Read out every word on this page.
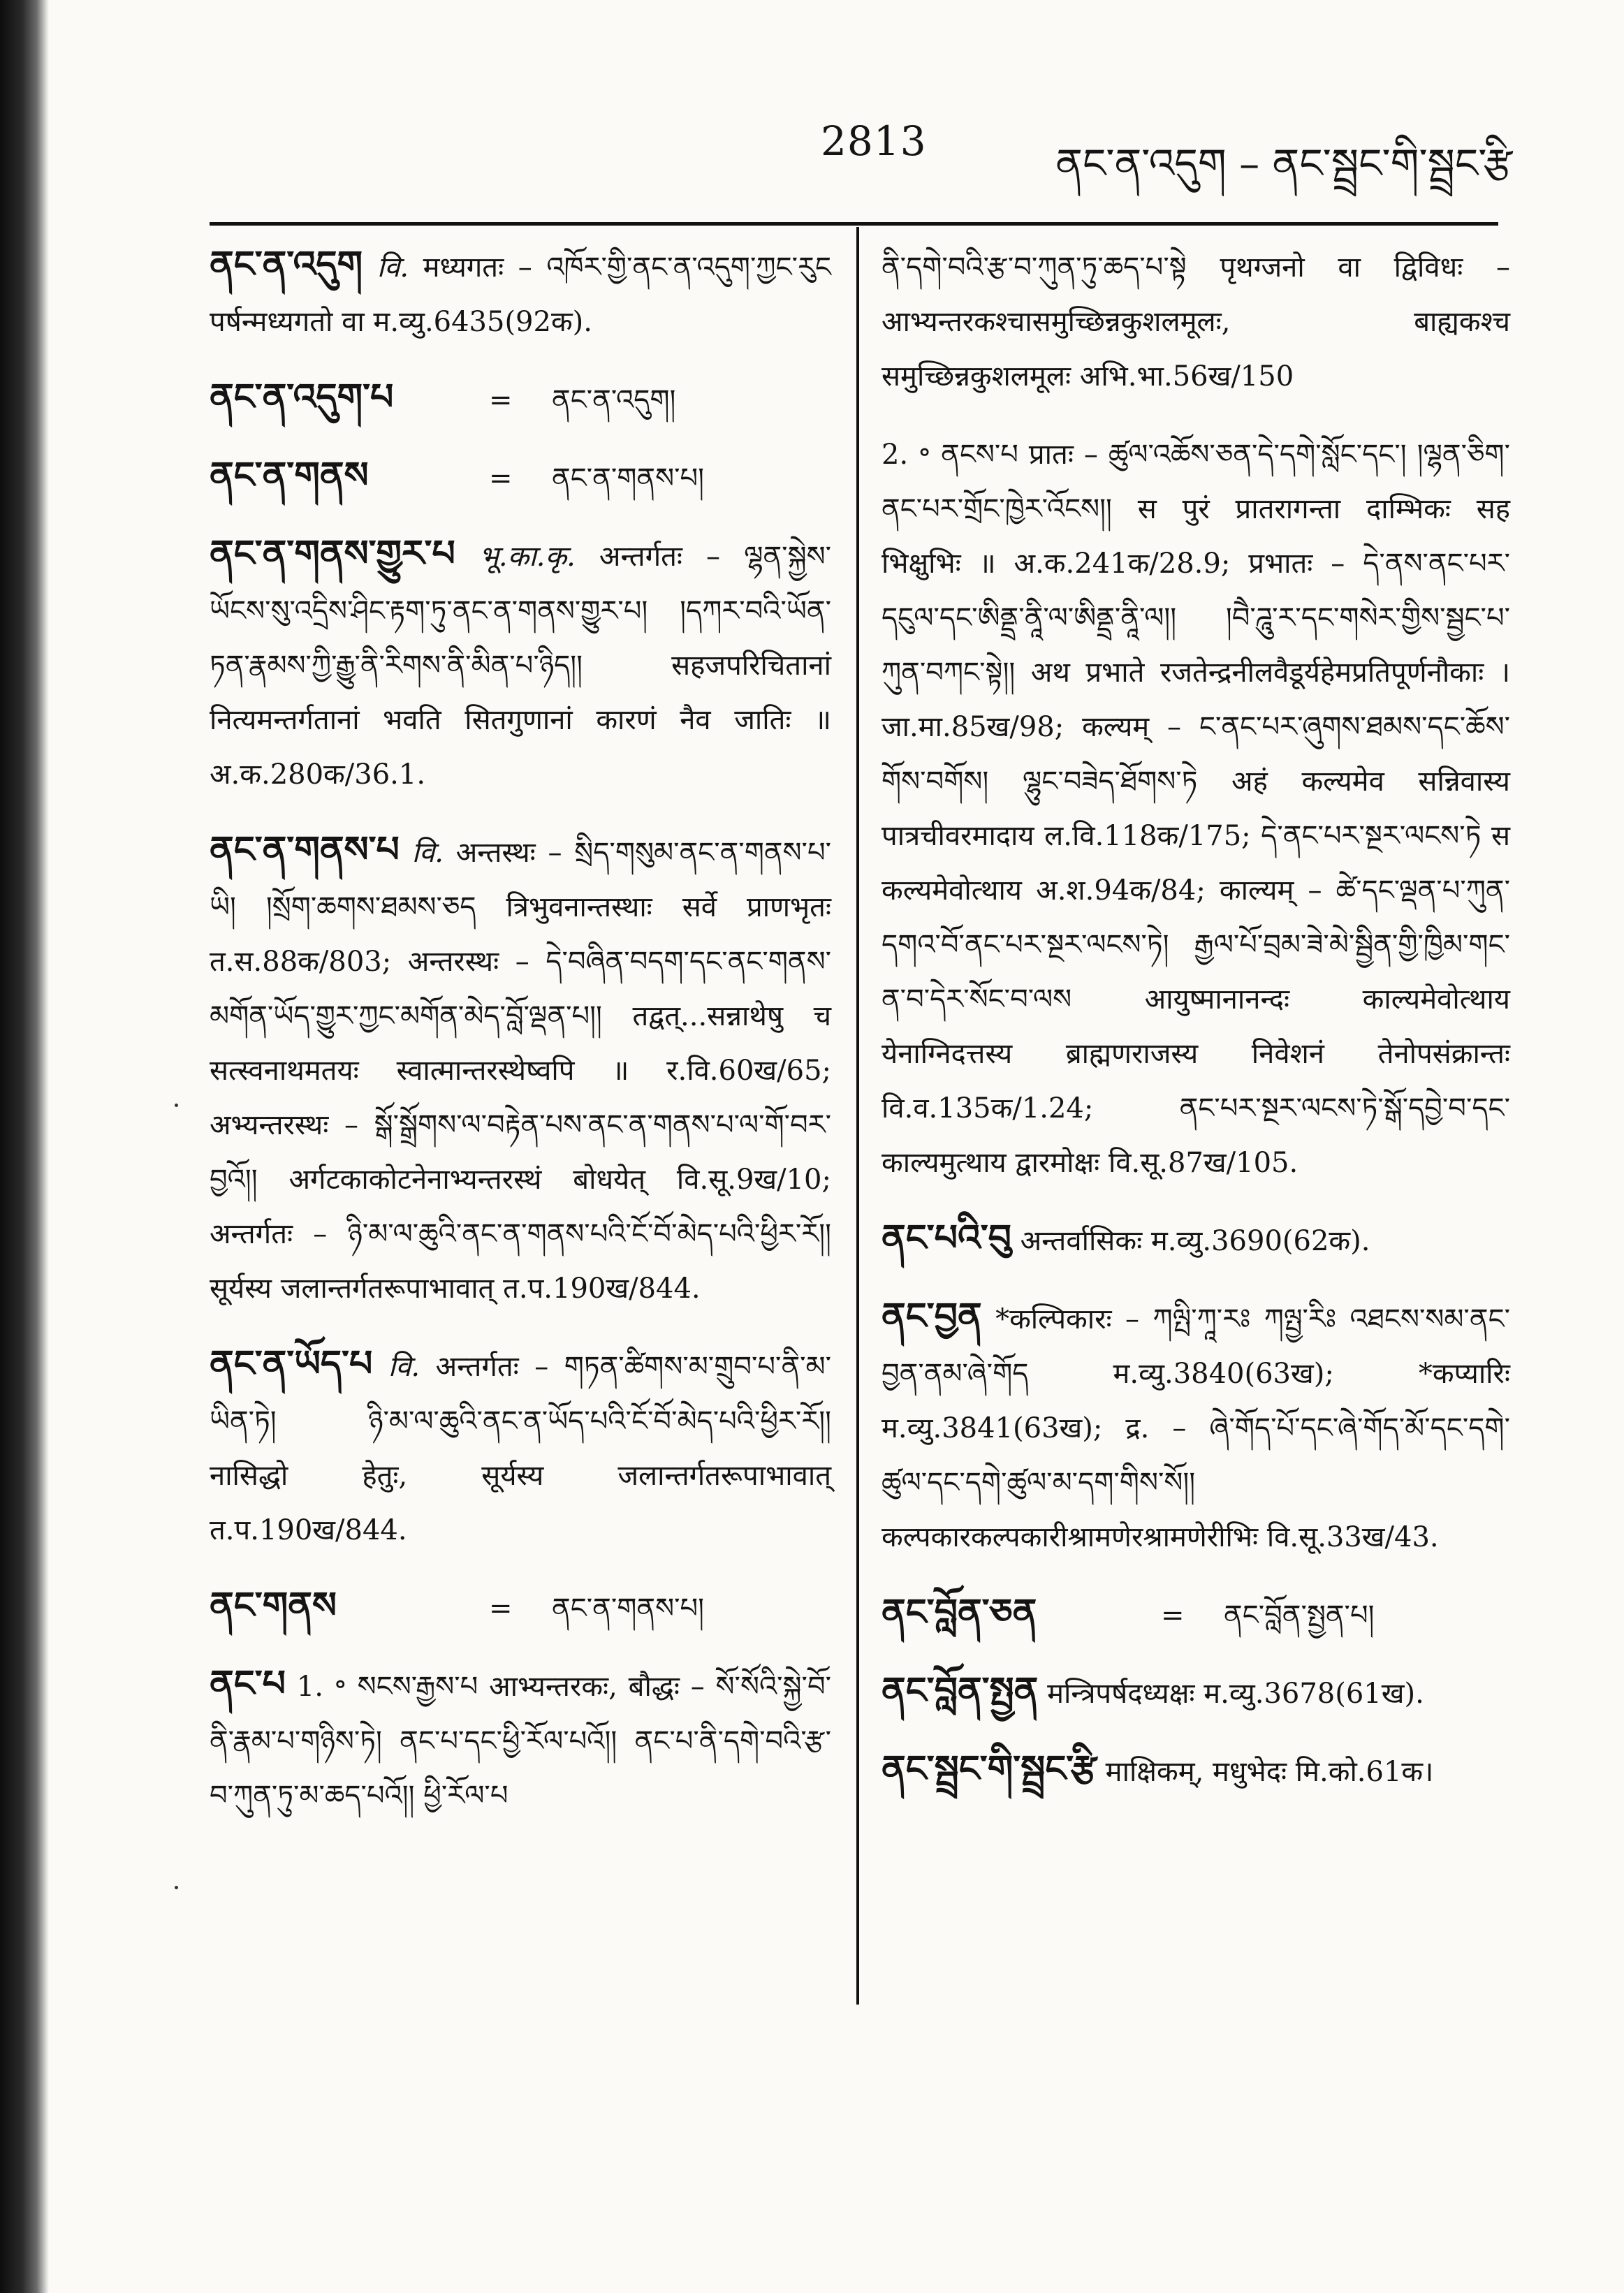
2813	ནང་ན་འདུག – ནང་སྦྲང་གི་སྦྲང་རྩི
ནང་ན་འདུག वि. मध्यगतः – འཁོར་གྱི་ནང་ན་འདུག་ཀྱང་རུང पर्षन्मध्यगतो वा म.व्यु.6435(92क).
ནང་ན་འདུག་པ	=	ནང་ན་འདུག།
ནང་ན་གནས	=	ནང་ན་གནས་པ།
ནང་ན་གནས་གྱུར་པ भू.का.कृ. अन्तर्गतः – ལྷན་སྐྱེས་ཡོངས་སུ་འདྲིས་ཤིང་རྟག་ཏུ་ནང་ན་གནས་གྱུར་པ། །དཀར་བའི་ཡོན་ཏན་རྣམས་ཀྱི་རྒྱུ་ནི་རིགས་ནི་མིན་པ་ཉིད།། सहजपरिचितानां नित्यमन्तर्गतानां भवति सितगुणानां कारणं नैव जातिः ॥ अ.क.280क/36.1.
ནང་ན་གནས་པ वि. अन्तस्थः – སྲིད་གསུམ་ནང་ན་གནས་པ་ཡི། །སྲོག་ཆགས་ཐམས་ཅད त्रिभुवनान्तस्थाः सर्वे प्राणभृतः त.स.88क/803; अन्तरस्थः – དེ་བཞིན་བདག་དང་ནང་གནས་མགོན་ཡོད་གྱུར་ཀྱང་མགོན་མེད་བློ་ལྡན་པ།། तद्वत्...सन्नाथेषु च सत्स्वनाथमतयः स्वात्मान्तरस्थेष्वपि ॥ र.वि.60ख/65; अभ्यन्तरस्थः – སྒོ་སྒྲོགས་ལ་བརྟེན་པས་ནང་ན་གནས་པ་ལ་གོ་བར་བྱའོ།། अर्गटकाकोटनेनाभ्यन्तरस्थं बोधयेत् वि.सू.9ख/10; अन्तर्गतः – ཉི་མ་ལ་ཆུའི་ནང་ན་གནས་པའི་ངོ་བོ་མེད་པའི་ཕྱིར་རོ།། सूर्यस्य जलान्तर्गतरूपाभावात् त.प.190ख/844.
ནང་ན་ཡོད་པ वि. अन्तर्गतः – གཏན་ཚིགས་མ་གྲུབ་པ་ནི་མ་ཡིན་ཏེ། ཉི་མ་ལ་ཆུའི་ནང་ན་ཡོད་པའི་ངོ་བོ་མེད་པའི་ཕྱིར་རོ།། नासिद्धो हेतुः, सूर्यस्य जलान्तर्गतरूपाभावात् त.प.190ख/844.
ནང་གནས	=	ནང་ན་གནས་པ།
ནང་པ 1. ॰ སངས་རྒྱས་པ आभ्यन्तरकः, बौद्धः – སོ་སོའི་སྐྱེ་བོ་ནི་རྣམ་པ་གཉིས་ཏེ། ནང་པ་དང་ཕྱི་རོལ་པའོ།། ནང་པ་ནི་དགེ་བའི་རྩ་བ་ཀུན་ཏུ་མ་ཆད་པའོ།། ཕྱི་རོལ་པ
ནི་དགེ་བའི་རྩ་བ་ཀུན་ཏུ་ཆད་པ་སྟེ पृथग्जनो वा द्विविधः – आभ्यन्तरकश्चासमुच्छिन्नकुशलमूलः, बाह्यकश्च समुच्छिन्नकुशलमूलः अभि.भा.56ख/150
2. ॰ ནངས་པ प्रातः – ཚུལ་འཆོས་ཅན་དེ་དགེ་སློང་དང་། །ལྷན་ཅིག་ནང་པར་གྲོང་ཁྱེར་འོངས།། स पुरं प्रातरागन्ता दाम्भिकः सह भिक्षुभिः ॥ अ.क.241क/28.9; प्रभातः – དེ་ནས་ནང་པར་དངུལ་དང་ཨིནྡྲ་ནཱི་ལ་ཨིནྡྲ་ནཱི་ལ།། །བཻ་ཌཱུ་ར་དང་གསེར་གྱིས་སྦྱང་པ་ཀུན་བཀང་སྟེ།། अथ प्रभाते रजतेन्द्रनीलवैडूर्यहेमप्रतिपूर्णनौकाः । जा.मा.85ख/98; कल्यम् – ང་ནང་པར་ཞུགས་ཐམས་དང་ཆོས་གོས་བགོས། ལྷུང་བཟེད་ཐོགས་ཏེ अहं कल्यमेव सन्निवास्य पात्रचीवरमादाय ल.वि.118क/175; དེ་ནང་པར་སྔར་ལངས་ཏེ स कल्यमेवोत्थाय अ.श.94क/84; काल्यम् – ཚེ་དང་ལྡན་པ་ཀུན་དགའ་བོ་ནང་པར་སྔར་ལངས་ཏེ། རྒྱལ་པོ་བྲམ་ཟེ་མེ་སྦྱིན་གྱི་ཁྱིམ་གང་ན་བ་དེར་སོང་བ་ལས आयुष्मानानन्दः काल्यमेवोत्थाय येनाग्निदत्तस्य ब्राह्मणराजस्य निवेशनं तेनोपसंक्रान्तः वि.व.135क/1.24; ནང་པར་སྔར་ལངས་ཏེ་སྒོ་དབྱེ་བ་དང་ काल्यमुत्थाय द्वारमोक्षः वि.सू.87ख/105.
ནང་པའི་བུ अन्तर्वासिकः म.व्यु.3690(62क).
ནང་བྱན *कल्पिकारः – ཀལྤི་ཀཱ་རཿ ཀལྤྱ་རིཿ འཐངས་སམ་ནང་བྱན་ནམ་ཞེ་གོད म.व्यु.3840(63ख); *कप्यारिः म.व्यु.3841(63ख); द्र. – ཞེ་གོད་པོ་དང་ཞེ་གོད་མོ་དང་དགེ་ཚུལ་དང་དགེ་ཚུལ་མ་དག་གིས་སོ།། कल्पकारकल्पकारीश्रामणेरश्रामणेरीभिः वि.सू.33ख/43.
ནང་བློན་ཅན	=	ནང་བློན་སྤྱན་པ།
ནང་བློན་སྤྱན मन्त्रिपर्षदध्यक्षः म.व्यु.3678(61ख).
ནང་སྦྲང་གི་སྦྲང་རྩི माक्षिकम्, मधुभेदः मि.को.61क।
